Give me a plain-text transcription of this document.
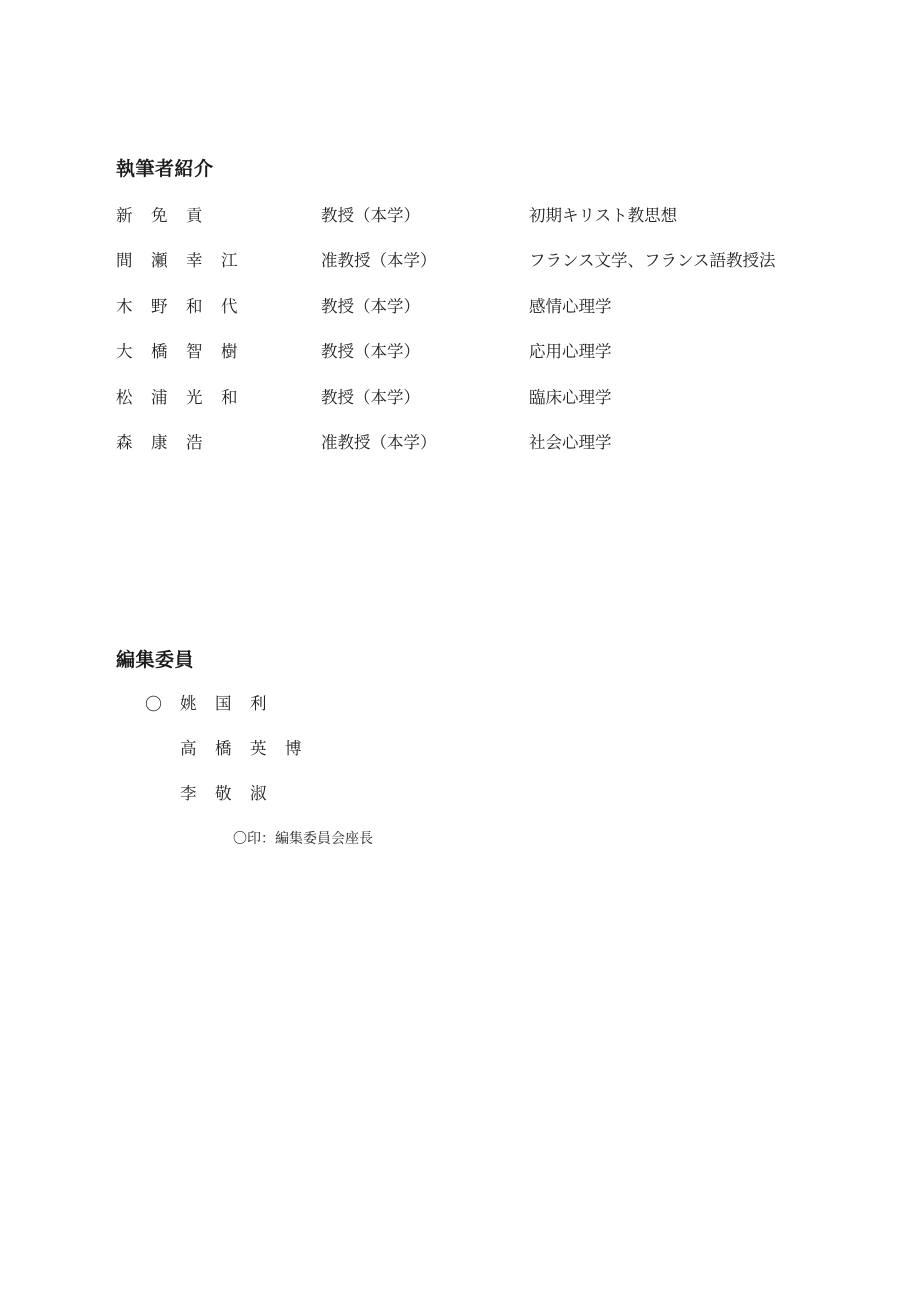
執筆者紹介
新免貢	教授（本学）	初期キリスト教思想
間瀬幸江	准教授（本学）	フランス文学、フランス語教授法
木野和代	教授（本学）	感情心理学
大橋智樹	教授（本学）	応用心理学
松浦光和	教授（本学）	臨床心理学
森康浩	准教授（本学）	社会心理学
編集委員
〇 姚国利
高橋英博
李敬淑
〇印：編集委員会座長
